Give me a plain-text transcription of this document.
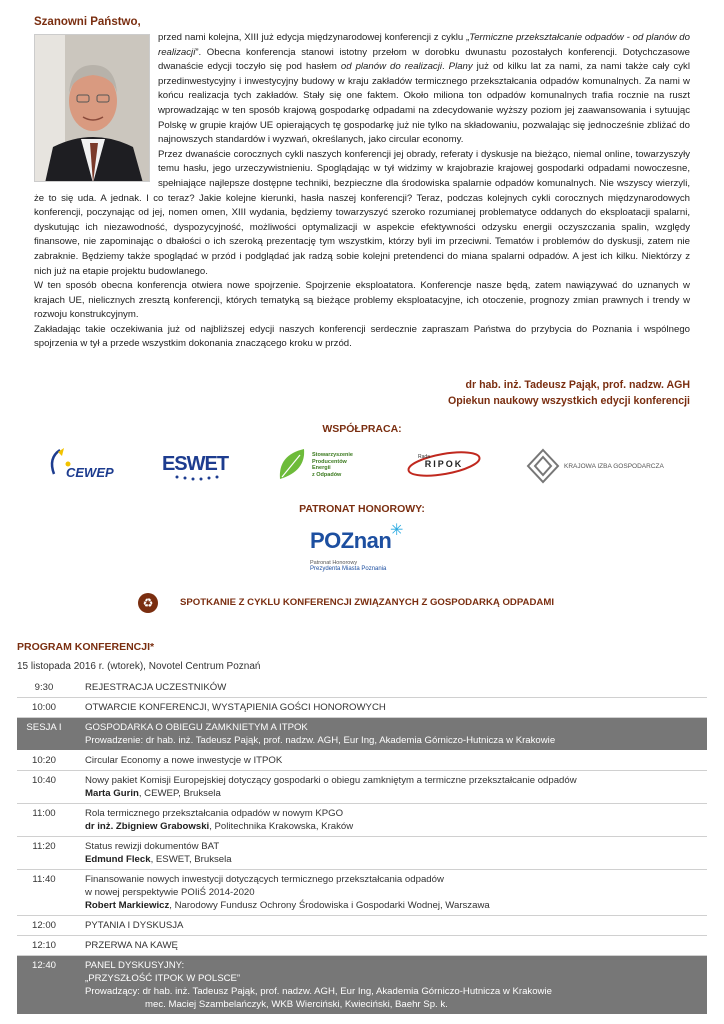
Szanowni Państwo,

przed nami kolejna, XIII już edycja międzynarodowej konferencji z cyklu „Termiczne przekształcanie odpadów - od planów do realizacji”. Obecna konferencja stanowi istotny przełom w dorobku dwunastu pozostałych konferencji. Dotychczasowe dwanaście edycji toczyło się pod hasłem od planów do realizacji. Plany już od kilku lat za nami, za nami także cały cykl przedinwestycyjny i inwestycyjny budowy w kraju zakładów termicznego przekształcania odpadów komunalnych. Za nami w końcu realizacja tych zakładów. Stały się one faktem. Około miliona ton odpadów komunalnych trafia rocznie na ruszt wprowadzając w ten sposób krajową gospodarkę odpadami na zdecydowanie wyższy poziom jej zaawansowania i sytuując Polskę w grupie krajów UE opierających tę gospodarkę już nie tylko na składowaniu, pozwalając się jednocześnie zbliżać do najnowszych standardów i wyzwań, określanych, jako circular economy.

Przez dwanaście corocznych cykli naszych konferencji jej obrady, referaty i dyskusje na bieżąco, niemal online, towarzyszyły temu hasłu, jego urzeczywistnieniu. Spoglądając w tył widzimy w krajobrazie krajowej gospodarki odpadami nowoczesne, spełniające najlepsze dostępne techniki, bezpieczne dla środowiska spalarnie odpadów komunalnych. Nie wszyscy wierzyli, że to się uda. A jednak. I co teraz? Jakie kolejne kierunki, hasła naszej konferencji? Teraz, podczas kolejnych cykli corocznych międzynarodowych konferencji, poczynając od jej, nomen omen, XIII wydania, będziemy towarzyszyć szeroko rozumianej problematyce oddanych do eksploatacji spalarni, dyskutując ich niezawodność, dyspozycyjność, możliwości optymalizacji w aspekcie efektywności odzysku energii oczyszczania spalin, względy finansowe, nie zapominając o dbałości o ich szeroką prezentację tym wszystkim, którzy byli im przeciwni. Tematów i problemów do dyskusji, zatem nie zabraknie. Będziemy także spoglądać w przód i podglądać jak radzą sobie kolejni pretendenci do miana spalarni odpadów. A jest ich kilku. Niektórzy z nich już na etapie projektu budowlanego.

W ten sposób obecna konferencja otwiera nowe spojrzenie. Spojrzenie eksploatatora. Konferencje nasze będą, zatem nawiązywać do uznanych w krajach UE, nielicznych zresztą konferencji, których tematyką są bieżące problemy eksploatacyjne, ich otoczenie, prognozy zmian prawnych i trendy w rozwoju konstrukcyjnym.

Zakładając takie oczekiwania już od najbliższej edycji naszych konferencji serdecznie zapraszam Państwa do przybycia do Poznania i wspólnego spojrzenia w tył a przede wszystkim dokonania znaczącego kroku w przód.

dr hab. inż. Tadeusz Pająk, prof. nadzw. AGH
Opiekun naukowy wszystkich edycji konferencji
WSPÓŁPRACA:
CEWEP ESWET	Stowarzyszenie
Producentów
Energii
z Odpadów
Rada
RIPOK	KRAJOWA IZBA GOSPODARCZA
PATRONAT HONOROWY:
POZnan
✳
Patronat Honorowy
Prezydenta Miasta Poznania
♻	SPOTKANIE Z CYKLU KONFERENCJI ZWIĄZANYCH Z GOSPODARKĄ ODPADAMI
PROGRAM KONFERENCJI*
15 listopada 2016 r. (wtorek), Novotel Centrum Poznań
9:30	REJESTRACJA UCZESTNIKÓW
10:00	OTWARCIE KONFERENCJI, WYSTĄPIENIA GOŚCI HONOROWYCH
SESJA I	GOSPODARKA O OBIEGU ZAMKNIETYM A ITPOK
Prowadzenie: dr hab. inż. Tadeusz Pająk, prof. nadzw. AGH, Eur Ing, Akademia Górniczo-Hutnicza w Krakowie
10:20	Circular Economy a nowe inwestycje w ITPOK
10:40	Nowy pakiet Komisji Europejskiej dotyczący gospodarki o obiegu zamkniętym a termiczne przekształcanie odpadów
Marta Gurin, CEWEP, Bruksela
11:00	Rola termicznego przekształcania odpadów w nowym KPGO
dr inż. Zbigniew Grabowski, Politechnika Krakowska, Kraków
11:20	Status rewizji dokumentów BAT
Edmund Fleck, ESWET, Bruksela
11:40	Finansowanie nowych inwestycji dotyczących termicznego przekształcania odpadów
w nowej perspektywie POIiŚ 2014-2020
Robert Markiewicz, Narodowy Fundusz Ochrony Środowiska i Gospodarki Wodnej, Warszawa
12:00	PYTANIA I DYSKUSJA
12:10	PRZERWA NA KAWĘ
12:40	PANEL DYSKUSYJNY:
„PRZYSZŁOŚĆ ITPOK W POLSCE”
Prowadzący: dr hab. inż. Tadeusz Pająk, prof. nadzw. AGH, Eur Ing, Akademia Górniczo-Hutnicza w Krakowie
mec. Maciej Szambelańczyk, WKB Wierciński, Kwieciński, Baehr Sp. k.
